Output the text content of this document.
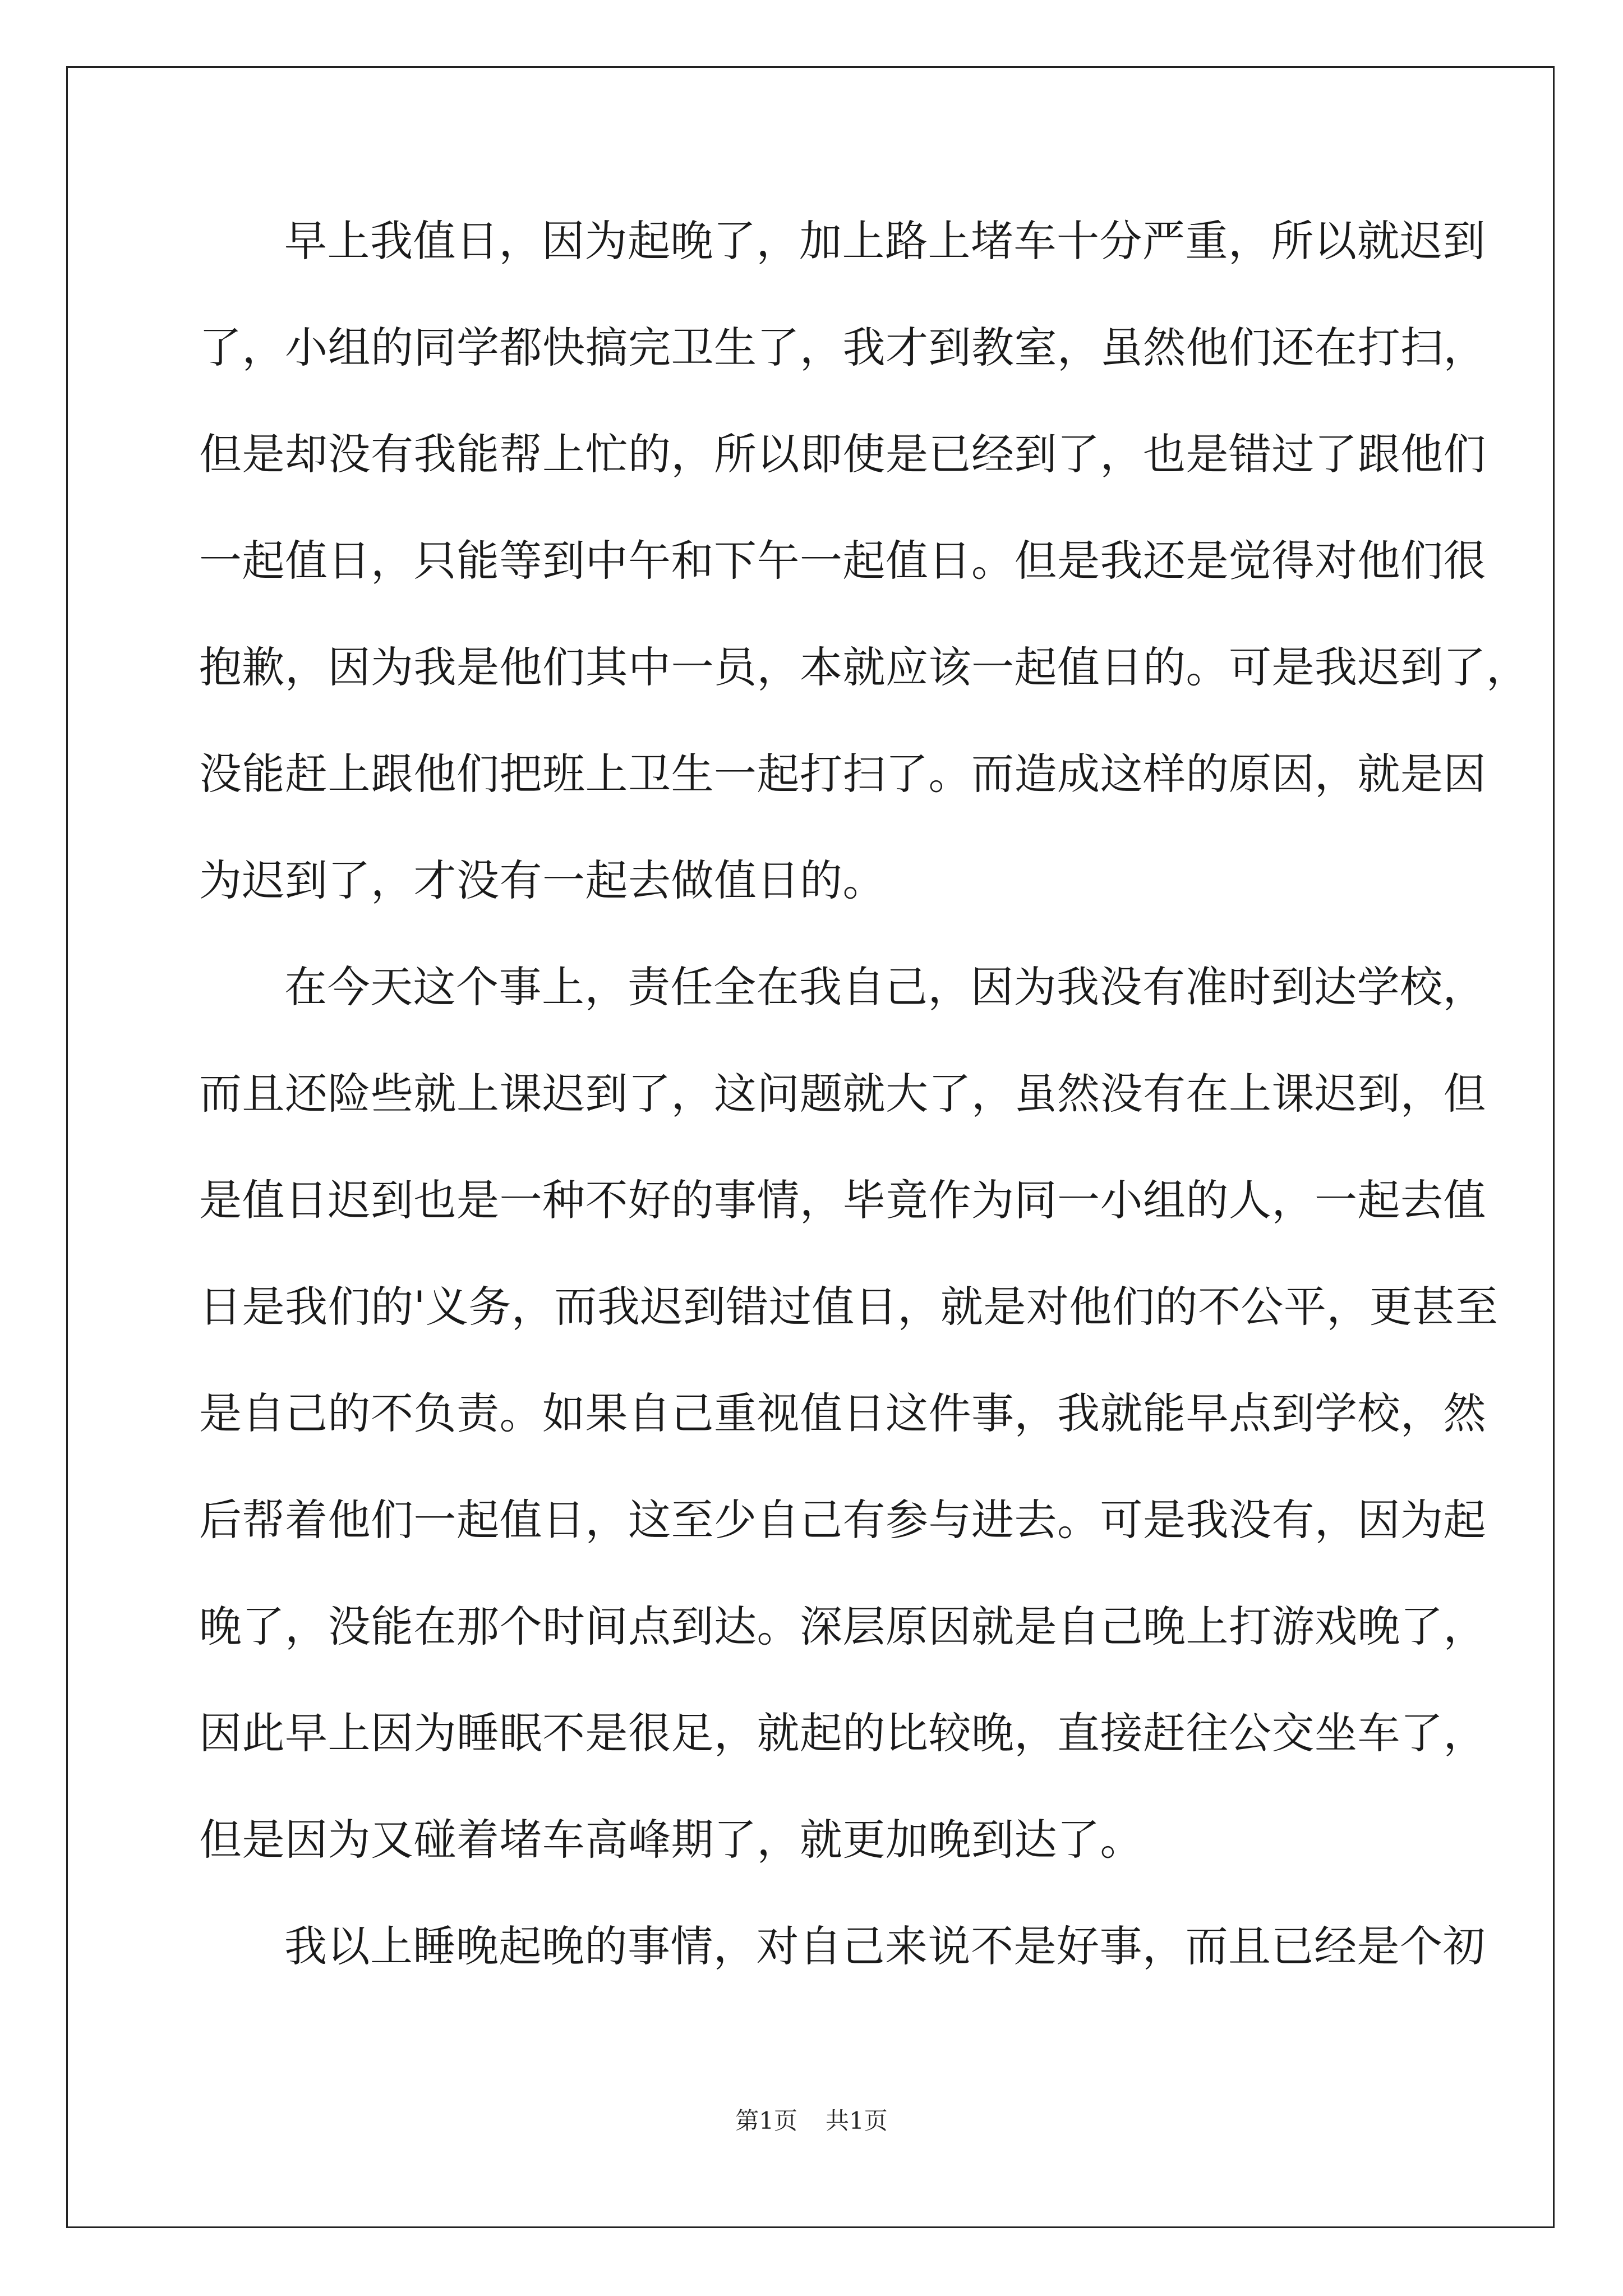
早上我值日，因为起晚了，加上路上堵车十分严重，所以就迟到
了，小组的同学都快搞完卫生了，我才到教室，虽然他们还在打扫，
但是却没有我能帮上忙的，所以即使是已经到了，也是错过了跟他们
一起值日，只能等到中午和下午一起值日。但是我还是觉得对他们很
抱歉，因为我是他们其中一员，本就应该一起值日的。可是我迟到了，
没能赶上跟他们把班上卫生一起打扫了。而造成这样的原因，就是因
为迟到了，才没有一起去做值日的。
在今天这个事上，责任全在我自己，因为我没有准时到达学校，
而且还险些就上课迟到了，这问题就大了，虽然没有在上课迟到，但
是值日迟到也是一种不好的事情，毕竟作为同一小组的人，一起去值
日是我们的'义务，而我迟到错过值日，就是对他们的不公平，更甚至
是自己的不负责。如果自己重视值日这件事，我就能早点到学校，然
后帮着他们一起值日，这至少自己有参与进去。可是我没有，因为起
晚了，没能在那个时间点到达。深层原因就是自己晚上打游戏晚了，
因此早上因为睡眠不是很足，就起的比较晚，直接赶往公交坐车了，
但是因为又碰着堵车高峰期了，就更加晚到达了。
我以上睡晚起晚的事情，对自己来说不是好事，而且已经是个初
第1页 共1页
